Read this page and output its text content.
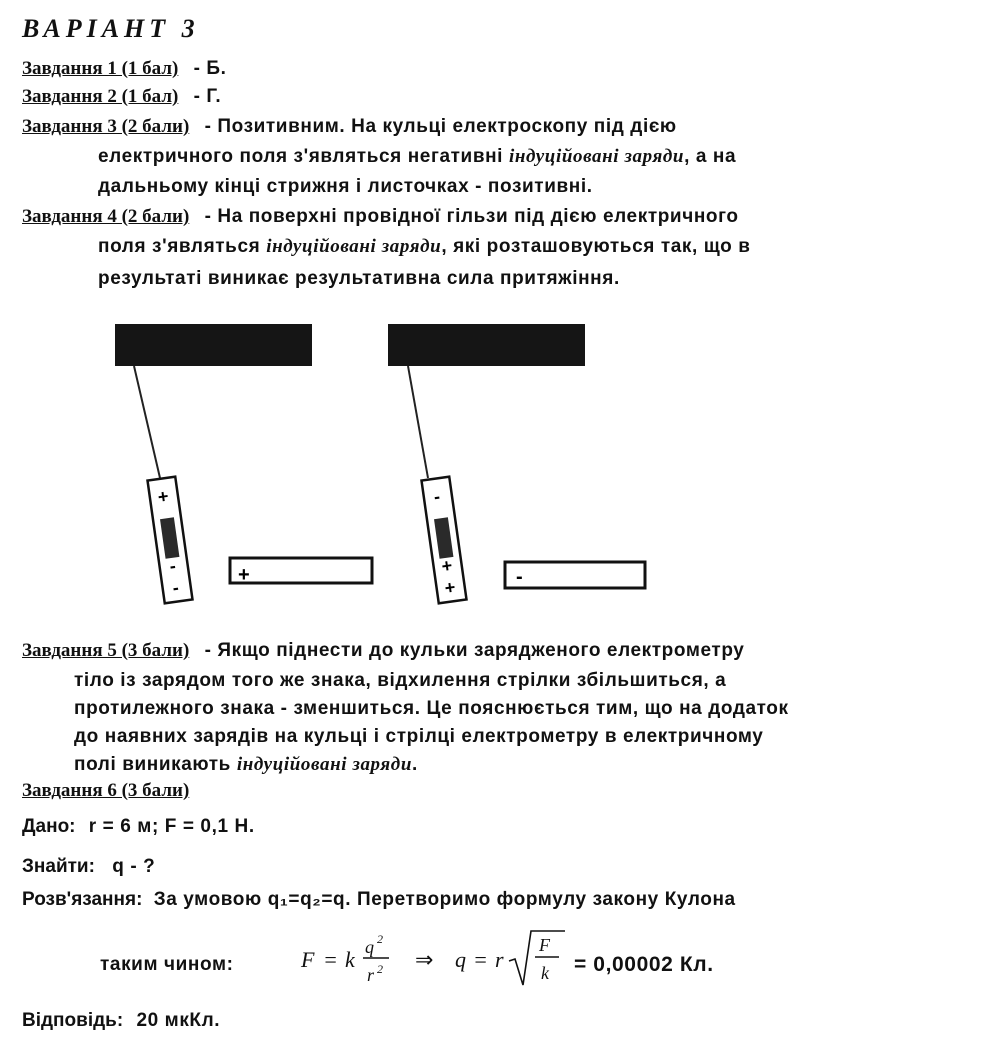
ВАРІАНТ 3
Завдання 1 (1 бал) - Б.
Завдання 2 (1 бал) - Г.
Завдання 3 (2 бали) - Позитивним. На кульці електроскопу під дією
електричного поля з'являться негативні індуційовані заряди, а на
дальньому кінці стрижня і листочках - позитивні.
Завдання 4 (2 бали) - На поверхні провідної гільзи під дією електричного
поля з'являться індуційовані заряди, які розташовуються так, що в
результаті виникає результативна сила притяжіння.
+
-
-
+
-
+
+	-
Завдання 5 (3 бали) - Якщо піднести до кульки зарядженого електрометру
тіло із зарядом того же знака, відхилення стрілки збільшиться, а
протилежного знака - зменшиться. Це пояснюється тим, що на додаток
до наявних зарядів на кульці і стрілці електрометру в електричному
полі виникають індуційовані заряди.
Завдання 6 (3 бали)
Дано: r = 6 м; F = 0,1 Н.
Знайти: q - ?
Розв'язання: За умовою q₁=q₂=q. Перетворимо формулу закону Кулона
таким чином:	F = k q 2
r 2 ⇒ q = r
F
k = 0,00002 Кл.
Відповідь: 20 мкКл.
